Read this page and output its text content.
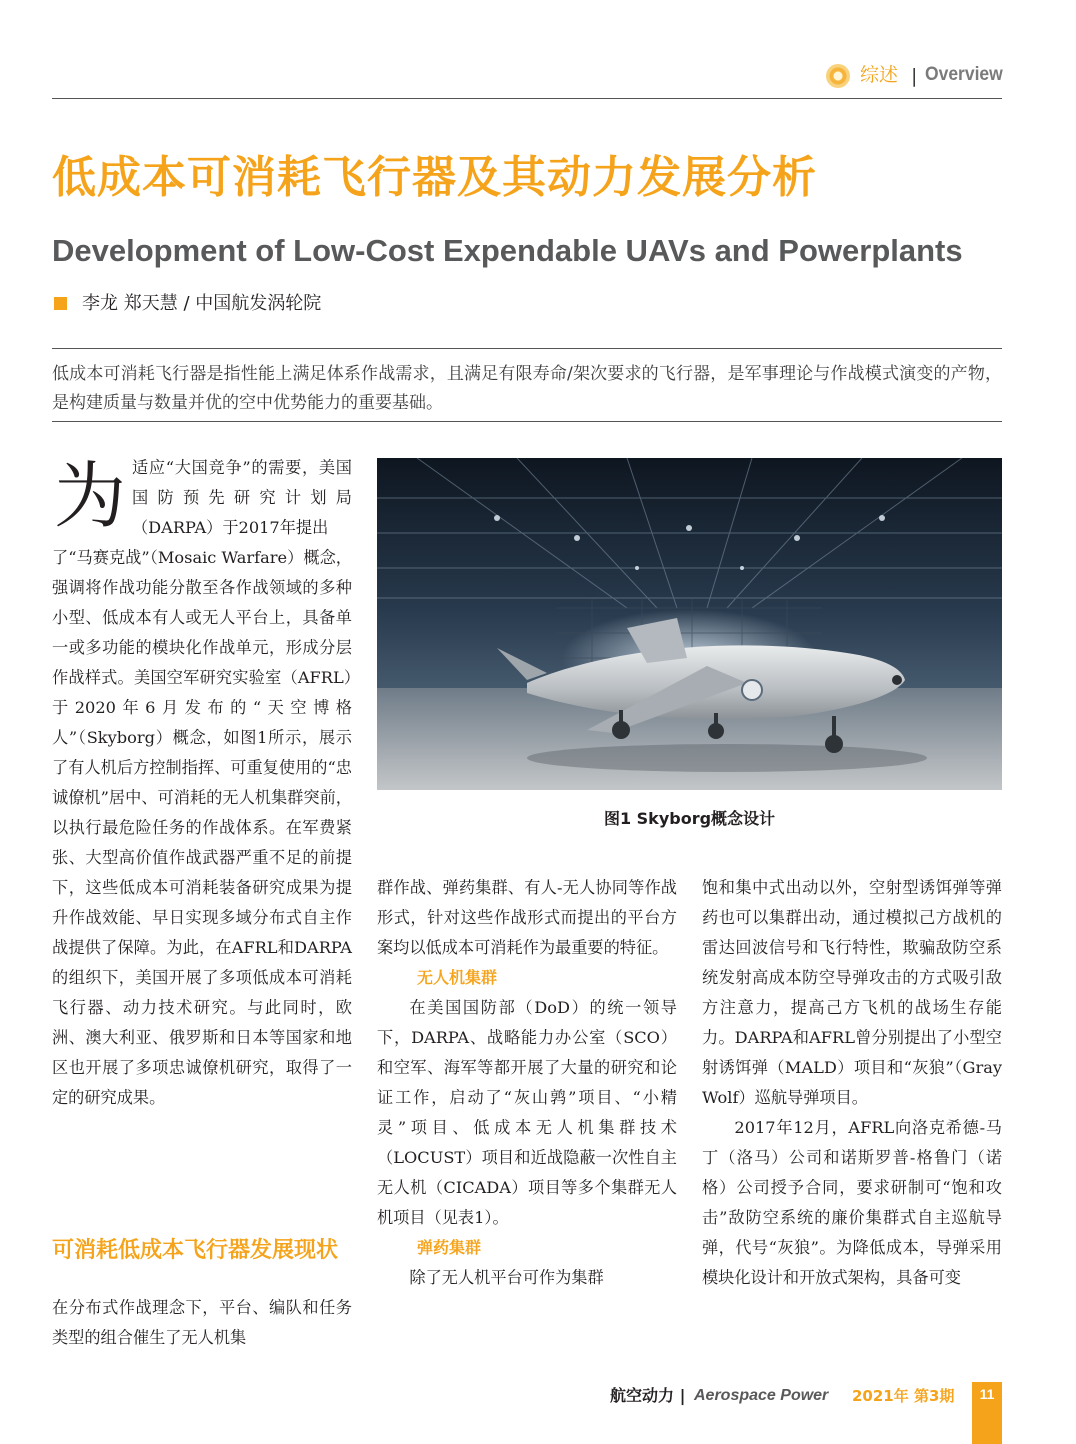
综述 | Overview
低成本可消耗飞行器及其动力发展分析
Development of Low-Cost Expendable UAVs and Powerplants
李龙 郑天慧 / 中国航发涡轮院
低成本可消耗飞行器是指性能上满足体系作战需求，且满足有限寿命/架次要求的飞行器，是军事理论与作战模式演变的产物，是构建质量与数量并优的空中优势能力的重要基础。
为 适应“大国竞争”的需要，美国国防预先研究计划局（DARPA）于2017年提出
了“马赛克战”（Mosaic Warfare）概念，强调将作战功能分散至各作战领域的多种小型、低成本有人或无人平台上，具备单一或多功能的模块化作战单元，形成分层作战样式。美国空军研究实验室（AFRL）于2020年6月发布的“天空博格人”（Skyborg）概念，如图1所示，展示了有人机后方控制指挥、可重复使用的“忠诚僚机”居中、可消耗的无人机集群突前，以执行最危险任务的作战体系。在军费紧张、大型高价值作战武器严重不足的前提下，这些低成本可消耗装备研究成果为提升作战效能、早日实现多域分布式自主作战提供了保障。为此，在AFRL和DARPA的组织下，美国开展了多项低成本可消耗飞行器、动力技术研究。与此同时，欧洲、澳大利亚、俄罗斯和日本等国家和地区也开展了多项忠诚僚机研究，取得了一定的研究成果。
可消耗低成本飞行器发展现状
在分布式作战理念下，平台、编队和任务类型的组合催生了无人机集
图1 Skyborg概念设计

群作战、弹药集群、有人-无人协同等作战形式，针对这些作战形式而提出的平台方案均以低成本可消耗作为最重要的特征。

无人机集群

在美国国防部（DoD）的统一领导下，DARPA、战略能力办公室（SCO）和空军、海军等都开展了大量的研究和论证工作，启动了“灰山鹑”项目、“小精灵”项目、低成本无人机集群技术（LOCUST）项目和近战隐蔽一次性自主无人机（CICADA）项目等多个集群无人机项目（见表1）。

弹药集群

除了无人机平台可作为集群

饱和集中式出动以外，空射型诱饵弹等弹药也可以集群出动，通过模拟己方战机的雷达回波信号和飞行特性，欺骗敌防空系统发射高成本防空导弹攻击的方式吸引敌方注意力，提高己方飞机的战场生存能力。DARPA和AFRL曾分别提出了小型空射诱饵弹（MALD）项目和“灰狼”（Gray Wolf）巡航导弹项目。

2017年12月，AFRL向洛克希德-马丁（洛马）公司和诺斯罗普-格鲁门（诺格）公司授予合同，要求研制可“饱和攻击”敌防空系统的廉价集群式自主巡航导弹，代号“灰狼”。为降低成本，导弹采用模块化设计和开放式架构，具备可变

航空动力 | Aerospace Power 2021年 第3期	11
